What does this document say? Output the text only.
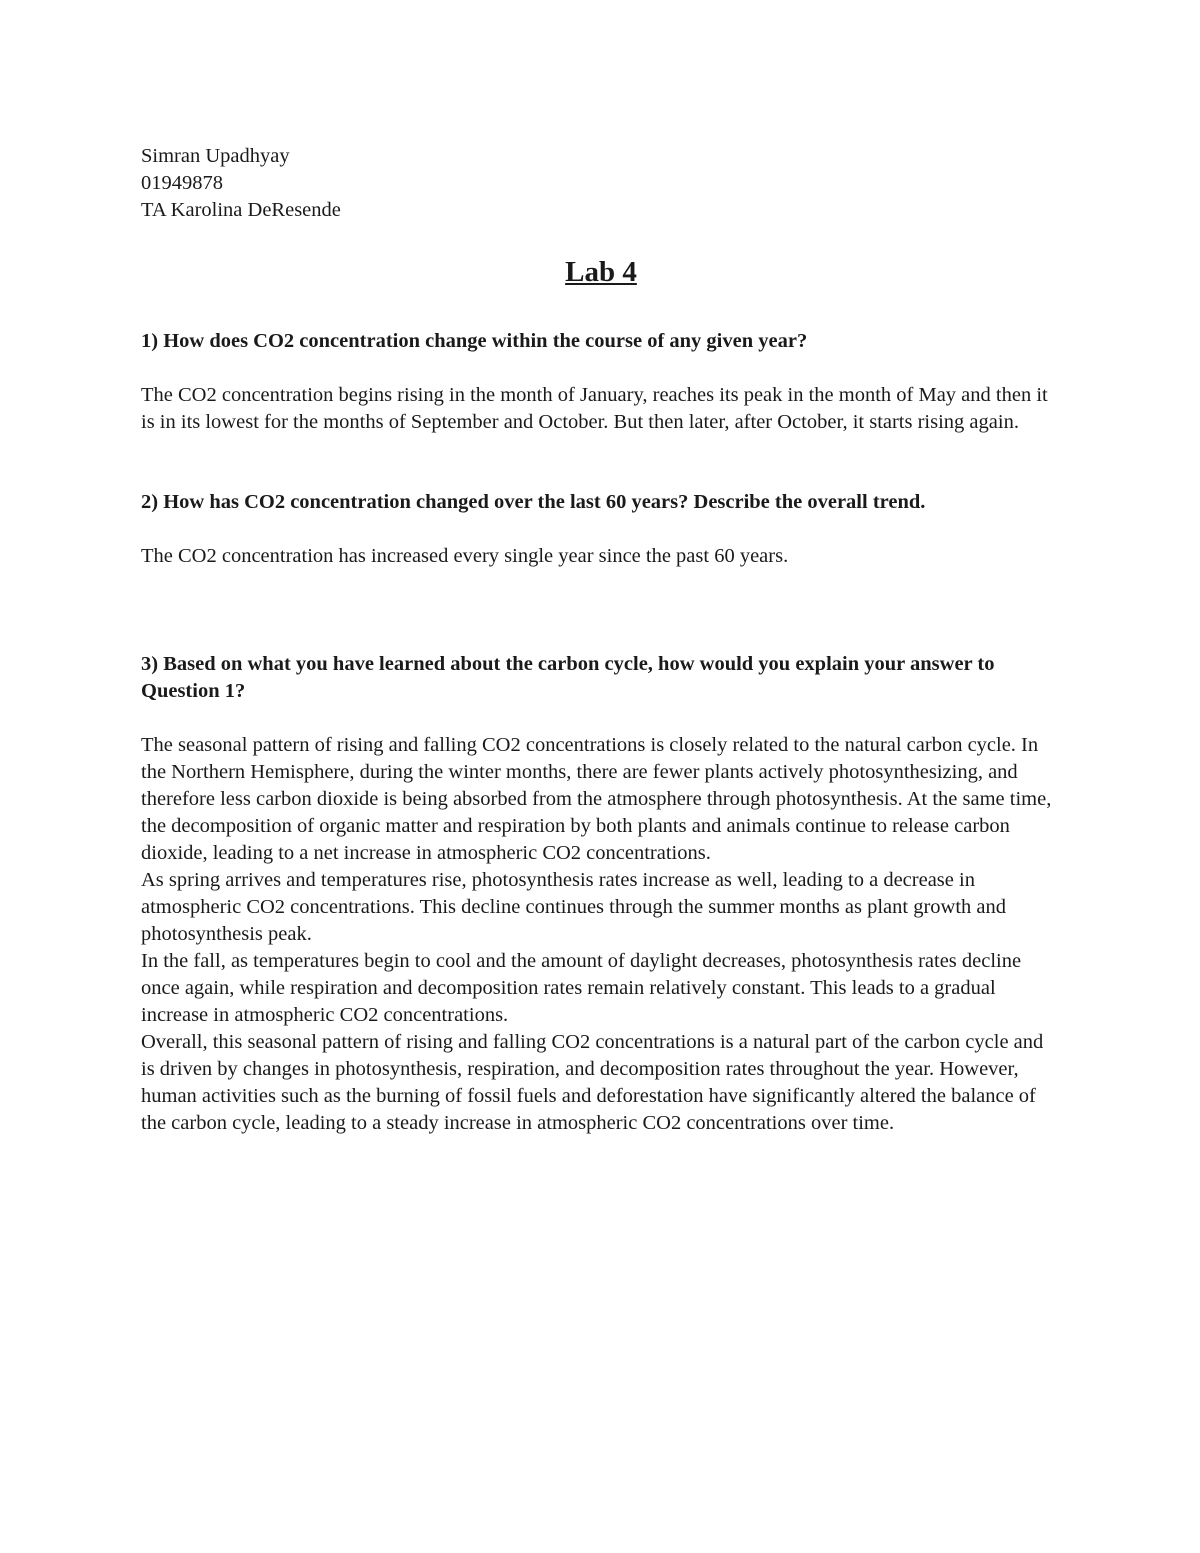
Simran Upadhyay

01949878

TA Karolina DeResende

Lab 4

1) How does CO2 concentration change within the course of any given year?

The CO2 concentration begins rising in the month of January, reaches its peak in the month of May and then it is in its lowest for the months of September and October. But then later, after October, it starts rising again.

2) How has CO2 concentration changed over the last 60 years? Describe the overall trend.

The CO2 concentration has increased every single year since the past 60 years.

3) Based on what you have learned about the carbon cycle, how would you explain your answer to Question 1?

The seasonal pattern of rising and falling CO2 concentrations is closely related to the natural carbon cycle. In the Northern Hemisphere, during the winter months, there are fewer plants actively photosynthesizing, and therefore less carbon dioxide is being absorbed from the atmosphere through photosynthesis. At the same time, the decomposition of organic matter and respiration by both plants and animals continue to release carbon dioxide, leading to a net increase in atmospheric CO2 concentrations.

As spring arrives and temperatures rise, photosynthesis rates increase as well, leading to a decrease in atmospheric CO2 concentrations. This decline continues through the summer months as plant growth and photosynthesis peak.

In the fall, as temperatures begin to cool and the amount of daylight decreases, photosynthesis rates decline once again, while respiration and decomposition rates remain relatively constant. This leads to a gradual increase in atmospheric CO2 concentrations.

Overall, this seasonal pattern of rising and falling CO2 concentrations is a natural part of the carbon cycle and is driven by changes in photosynthesis, respiration, and decomposition rates throughout the year. However, human activities such as the burning of fossil fuels and deforestation have significantly altered the balance of the carbon cycle, leading to a steady increase in atmospheric CO2 concentrations over time.
